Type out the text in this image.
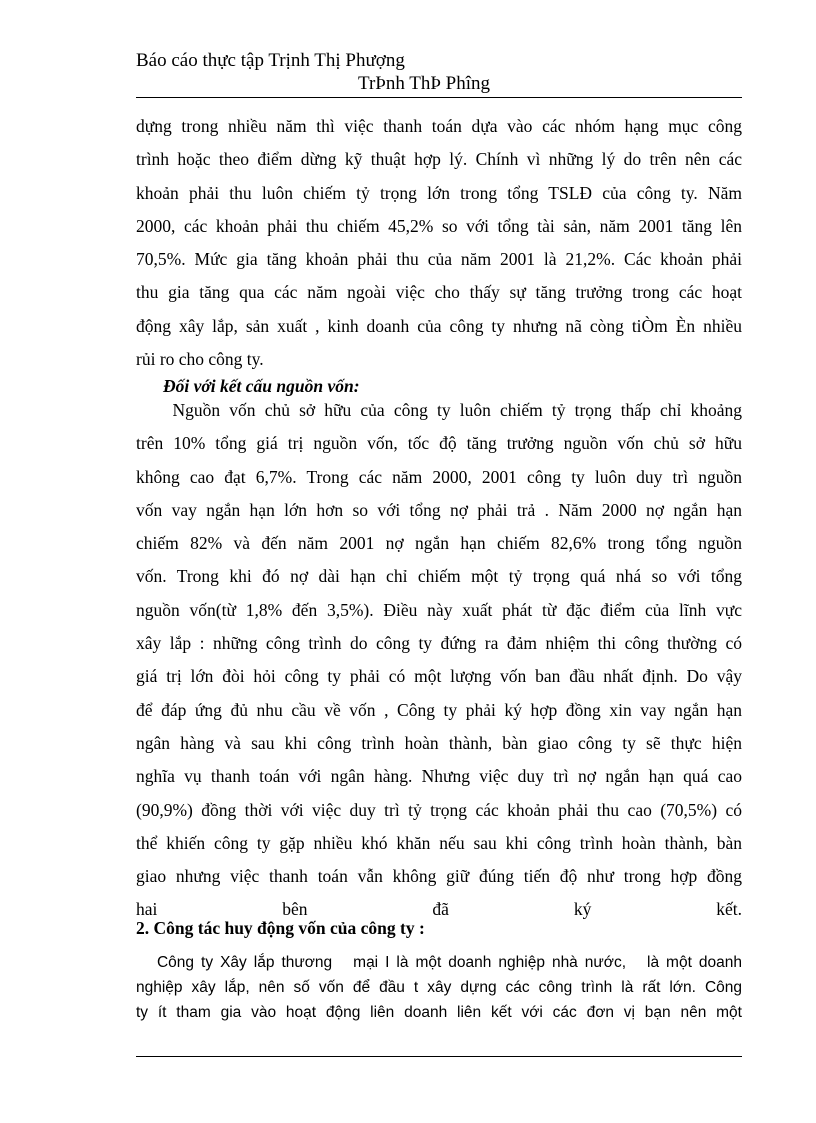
Báo cáo thực tập Trịnh Thị Phượng
TrÞnh ThÞ Phîng
dựng trong nhiều năm thì việc thanh toán dựa vào các nhóm hạng mục công
trình hoặc theo điểm dừng kỹ thuật hợp lý. Chính vì những lý do trên nên các
khoản phải thu luôn chiếm tỷ trọng lớn trong tổng TSLĐ của công ty. Năm
2000, các khoản phải thu chiếm 45,2% so với tổng tài sản, năm 2001 tăng lên
70,5%. Mức gia tăng khoản phải thu của năm 2001 là 21,2%. Các khoản phải
thu gia tăng qua các năm ngoài việc cho thấy sự tăng trưởng trong các hoạt
động xây lắp, sản xuất , kinh doanh của công ty nhưng nã còng tiÒm Èn nhiều
rủi ro cho công ty.
Đối với kết cấu nguồn vốn:
Nguồn vốn chủ sở hữu của công ty luôn chiếm tỷ trọng thấp chỉ khoảng
trên 10% tổng giá trị nguồn vốn, tốc độ tăng trưởng nguồn vốn chủ sở hữu
không cao đạt 6,7%. Trong các năm 2000, 2001 công ty luôn duy trì nguồn
vốn vay ngắn hạn lớn hơn so với tổng nợ phải trả . Năm 2000 nợ ngắn hạn
chiếm 82% và đến năm 2001 nợ ngắn hạn chiếm 82,6% trong tổng nguồn
vốn. Trong khi đó nợ dài hạn chỉ chiếm một tỷ trọng quá nhá so với tổng
nguồn vốn(từ 1,8% đến 3,5%). Điều này xuất phát từ đặc điểm của lĩnh vực
xây lắp : những công trình do công ty đứng ra đảm nhiệm thi công thường có
giá trị lớn đòi hỏi công ty phải có một lượng vốn ban đầu nhất định. Do vậy
để đáp ứng đủ nhu cầu về vốn , Công ty phải ký hợp đồng xin vay ngắn hạn
ngân hàng và sau khi công trình hoàn thành, bàn giao công ty sẽ thực hiện
nghĩa vụ thanh toán với ngân hàng. Nhưng việc duy trì nợ ngắn hạn quá cao
(90,9%) đồng thời với việc duy trì tỷ trọng các khoản phải thu cao (70,5%) có
thể khiến công ty gặp nhiều khó khăn nếu sau khi công trình hoàn thành, bàn
giao nhưng việc thanh toán vẫn không giữ đúng tiến độ như trong hợp đồng
hai bên đã ký kết.
2. Công tác huy động vốn của công ty :
Công ty Xây lắp thương   mại I là một doanh nghiệp nhà nước,   là một doanh
nghiệp xây lắp, nên số vốn để đầu t xây dựng các công trình là rất lớn. Công
ty ít tham gia vào hoạt động liên doanh liên kết với các đơn vị bạn nên một
